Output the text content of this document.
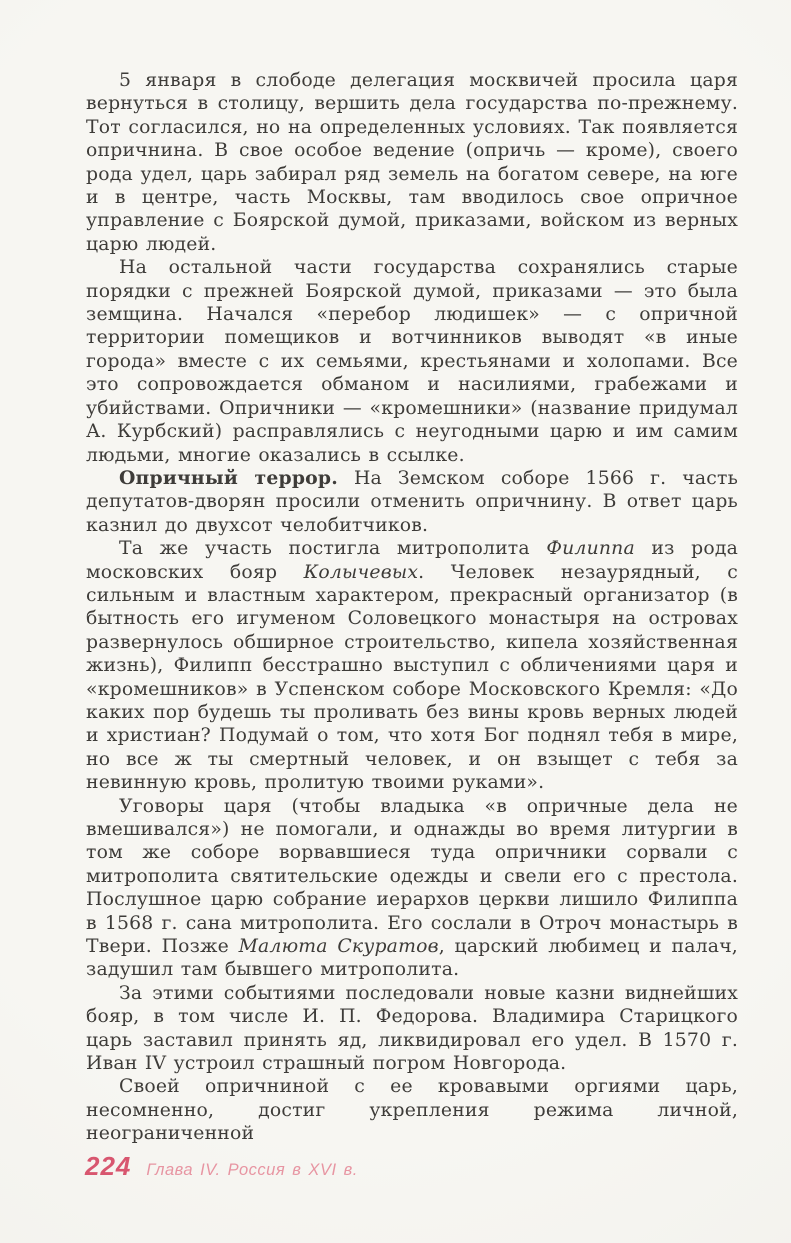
5 января в слободе делегация москвичей просила царя вернуться в столицу, вершить дела государства по-прежнему. Тот согласился, но на определенных условиях. Так появляется опричнина. В свое особое ведение (опричь — кроме), своего рода удел, царь забирал ряд земель на богатом севере, на юге и в центре, часть Москвы, там вводилось свое опричное управление с Боярской думой, приказами, войском из верных царю людей.

На остальной части государства сохранялись старые порядки с прежней Боярской думой, приказами — это была земщина. Начался «перебор людишек» — с опричной территории помещиков и вотчинников выводят «в иные города» вместе с их семьями, крестьянами и холопами. Все это сопровождается обманом и насилиями, грабежами и убийствами. Опричники — «кромешники» (название придумал А. Курбский) расправлялись с неугодными царю и им самим людьми, многие оказались в ссылке.

Опричный террор. На Земском соборе 1566 г. часть депутатов-дворян просили отменить опричнину. В ответ царь казнил до двухсот челобитчиков.

Та же участь постигла митрополита Филиппа из рода московских бояр Колычевых. Человек незаурядный, с сильным и властным характером, прекрасный организатор (в бытность его игуменом Соловецкого монастыря на островах развернулось обширное строительство, кипела хозяйственная жизнь), Филипп бесстрашно выступил с обличениями царя и «кромешников» в Успенском соборе Московского Кремля: «До каких пор будешь ты проливать без вины кровь верных людей и христиан? Подумай о том, что хотя Бог поднял тебя в мире, но все ж ты смертный человек, и он взыщет с тебя за невинную кровь, пролитую твоими руками».

Уговоры царя (чтобы владыка «в опричные дела не вмешивался») не помогали, и однажды во время литургии в том же соборе ворвавшиеся туда опричники сорвали с митрополита святительские одежды и свели его с престола. Послушное царю собрание иерархов церкви лишило Филиппа в 1568 г. сана митрополита. Его сослали в Отроч монастырь в Твери. Позже Малюта Скуратов, царский любимец и палач, задушил там бывшего митрополита.

За этими событиями последовали новые казни виднейших бояр, в том числе И. П. Федорова. Владимира Старицкого царь заставил принять яд, ликвидировал его удел. В 1570 г. Иван IV устроил страшный погром Новгорода.

Своей опричниной с ее кровавыми оргиями царь, несомненно, достиг укрепления режима личной, неограниченной

224 Глава IV. Россия в XVI в.
